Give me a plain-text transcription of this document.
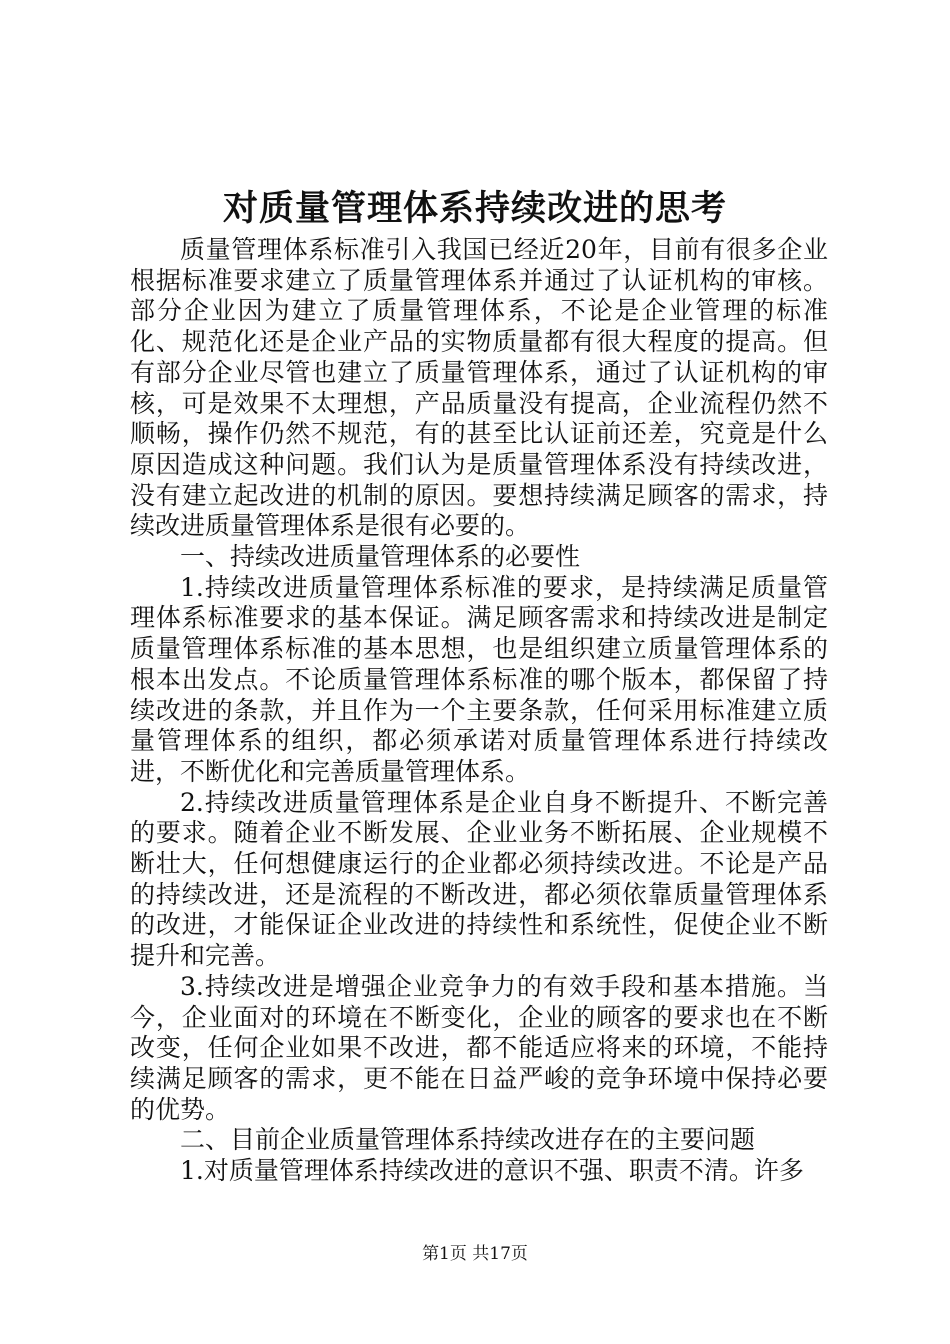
对质量管理体系持续改进的思考

质量管理体系标准引入我国已经近20年，目前有很多企业根据标准要求建立了质量管理体系并通过了认证机构的审核。部分企业因为建立了质量管理体系，不论是企业管理的标准化、规范化还是企业产品的实物质量都有很大程度的提高。但有部分企业尽管也建立了质量管理体系，通过了认证机构的审核，可是效果不太理想，产品质量没有提高，企业流程仍然不顺畅，操作仍然不规范，有的甚至比认证前还差，究竟是什么原因造成这种问题。我们认为是质量管理体系没有持续改进，没有建立起改进的机制的原因。要想持续满足顾客的需求，持续改进质量管理体系是很有必要的。

一、持续改进质量管理体系的必要性

1.持续改进质量管理体系标准的要求，是持续满足质量管理体系标准要求的基本保证。满足顾客需求和持续改进是制定质量管理体系标准的基本思想，也是组织建立质量管理体系的根本出发点。不论质量管理体系标准的哪个版本，都保留了持续改进的条款，并且作为一个主要条款，任何采用标准建立质量管理体系的组织，都必须承诺对质量管理体系进行持续改进，不断优化和完善质量管理体系。

2.持续改进质量管理体系是企业自身不断提升、不断完善的要求。随着企业不断发展、企业业务不断拓展、企业规模不断壮大，任何想健康运行的企业都必须持续改进。不论是产品的持续改进，还是流程的不断改进，都必须依靠质量管理体系的改进，才能保证企业改进的持续性和系统性，促使企业不断提升和完善。

3.持续改进是增强企业竞争力的有效手段和基本措施。当今，企业面对的环境在不断变化，企业的顾客的要求也在不断改变，任何企业如果不改进，都不能适应将来的环境，不能持续满足顾客的需求，更不能在日益严峻的竞争环境中保持必要的优势。

二、目前企业质量管理体系持续改进存在的主要问题

1.对质量管理体系持续改进的意识不强、职责不清。许多

第1页 共17页
